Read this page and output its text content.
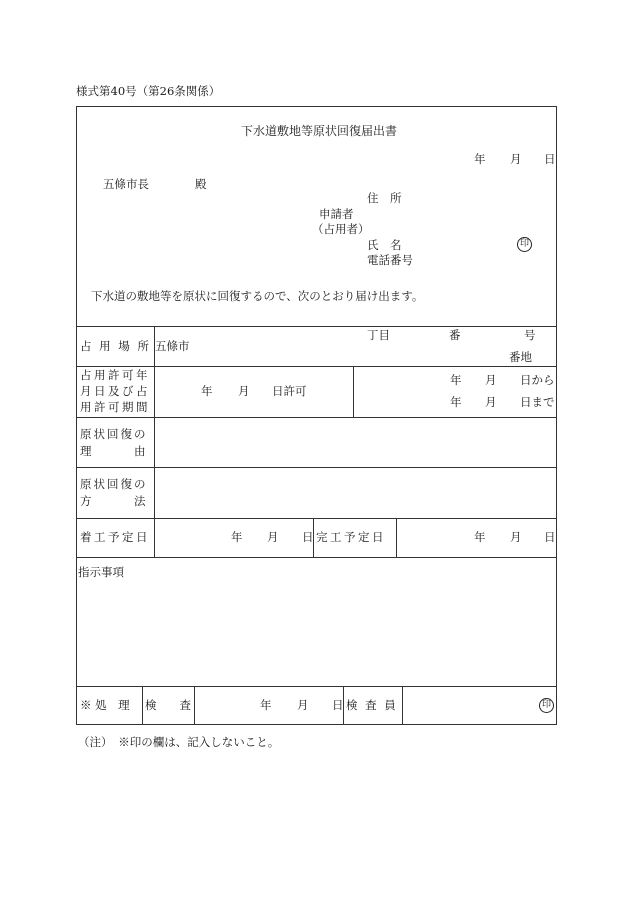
様式第40号（第26条関係）
下水道敷地等原状回復届出書
年 月 日
五條市長	殿
住　所
申請者
（占用者）
氏　名	印
電話番号
下水道の敷地等を原状に回復するので、次のとおり届け出ます。
占 用 場 所 五條市
丁目	番	号
番地
占用許可年
月日及び占
用許可期間
年 月 日許可
年 月 日から
年 月 日まで
原状回復の
理　　　由
原状回復の
方　　　法
着工予定日	年 月 日 完工予定日	年 月 日
指示事項
※ 処　理 検　　査	年 月 日 検 査 員	印
（注）　※印の欄は、記入しないこと。
